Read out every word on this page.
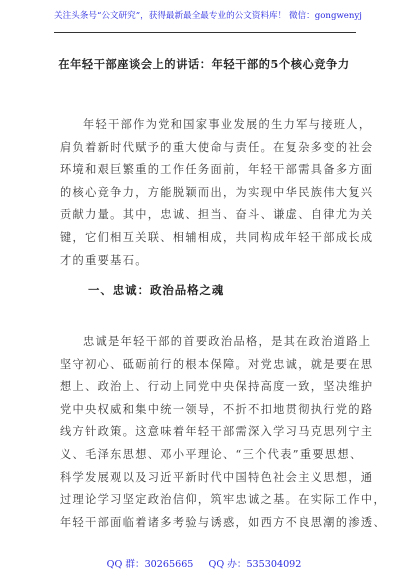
关注头条号“公文研究”，获得最新最全最专业的公文资料库！ 微信：gongwenyj
在年轻干部座谈会上的讲话：年轻干部的5个核心竞争力
年轻干部作为党和国家事业发展的生力军与接班人，
肩负着新时代赋予的重大使命与责任。在复杂多变的社会
环境和艰巨繁重的工作任务面前，年轻干部需具备多方面
的核心竞争力，方能脱颖而出，为实现中华民族伟大复兴
贡献力量。其中，忠诚、担当、奋斗、谦虚、自律尤为关
键，它们相互关联、相辅相成，共同构成年轻干部成长成
才的重要基石。
一、忠诚：政治品格之魂
忠诚是年轻干部的首要政治品格，是其在政治道路上
坚守初心、砥砺前行的根本保障。对党忠诚，就是要在思
想上、政治上、行动上同党中央保持高度一致，坚决维护
党中央权威和集中统一领导，不折不扣地贯彻执行党的路
线方针政策。这意味着年轻干部需深入学习马克思列宁主
义、毛泽东思想、邓小平理论、“三个代表”重要思想、
科学发展观以及习近平新时代中国特色社会主义思想，通
过理论学习坚定政治信仰，筑牢忠诚之基。在实际工作中，
年轻干部面临着诸多考验与诱惑，如西方不良思潮的渗透、
QQ 群：30265665 QQ 办：535304092
